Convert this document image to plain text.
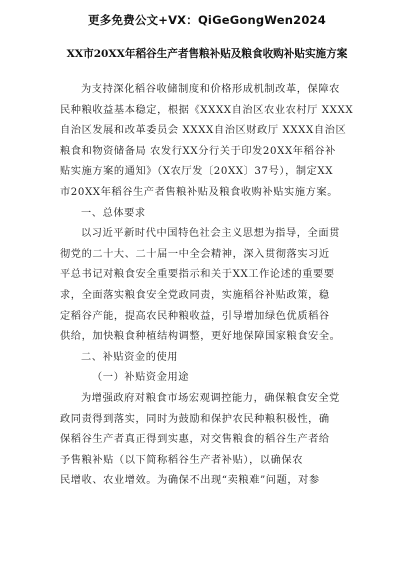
更多免费公文+VX：QiGeGongWen2024
XX市20XX年稻谷生产者售粮补贴及粮食收购补贴实施方案
为支持深化稻谷收储制度和价格形成机制改革，保障农
民种粮收益基本稳定，根据《XXXX自治区农业农村厅 XXXX
自治区发展和改革委员会 XXXX自治区财政厅 XXXX自治区
粮食和物资储备局 农发行XX分行关于印发20XX年稻谷补
贴实施方案的通知》（X农厅发〔20XX〕37号），制定XX
市20XX年稻谷生产者售粮补贴及粮食收购补贴实施方案。
一、总体要求
以习近平新时代中国特色社会主义思想为指导，全面贯
彻党的二十大、二十届一中全会精神，深入贯彻落实习近
平总书记对粮食安全重要指示和关于XX工作论述的重要要
求，全面落实粮食安全党政同责，实施稻谷补贴政策，稳
定稻谷产能，提高农民种粮收益，引导增加绿色优质稻谷
供给，加快粮食种植结构调整，更好地保障国家粮食安全。
二、补贴资金的使用
（一）补贴资金用途
为增强政府对粮食市场宏观调控能力，确保粮食安全党
政同责得到落实，同时为鼓励和保护农民种粮积极性，确
保稻谷生产者真正得到实惠，对交售粮食的稻谷生产者给
予售粮补贴（以下简称稻谷生产者补贴），以确保农
民增收、农业增效。为确保不出现“卖粮难”问题，对参
